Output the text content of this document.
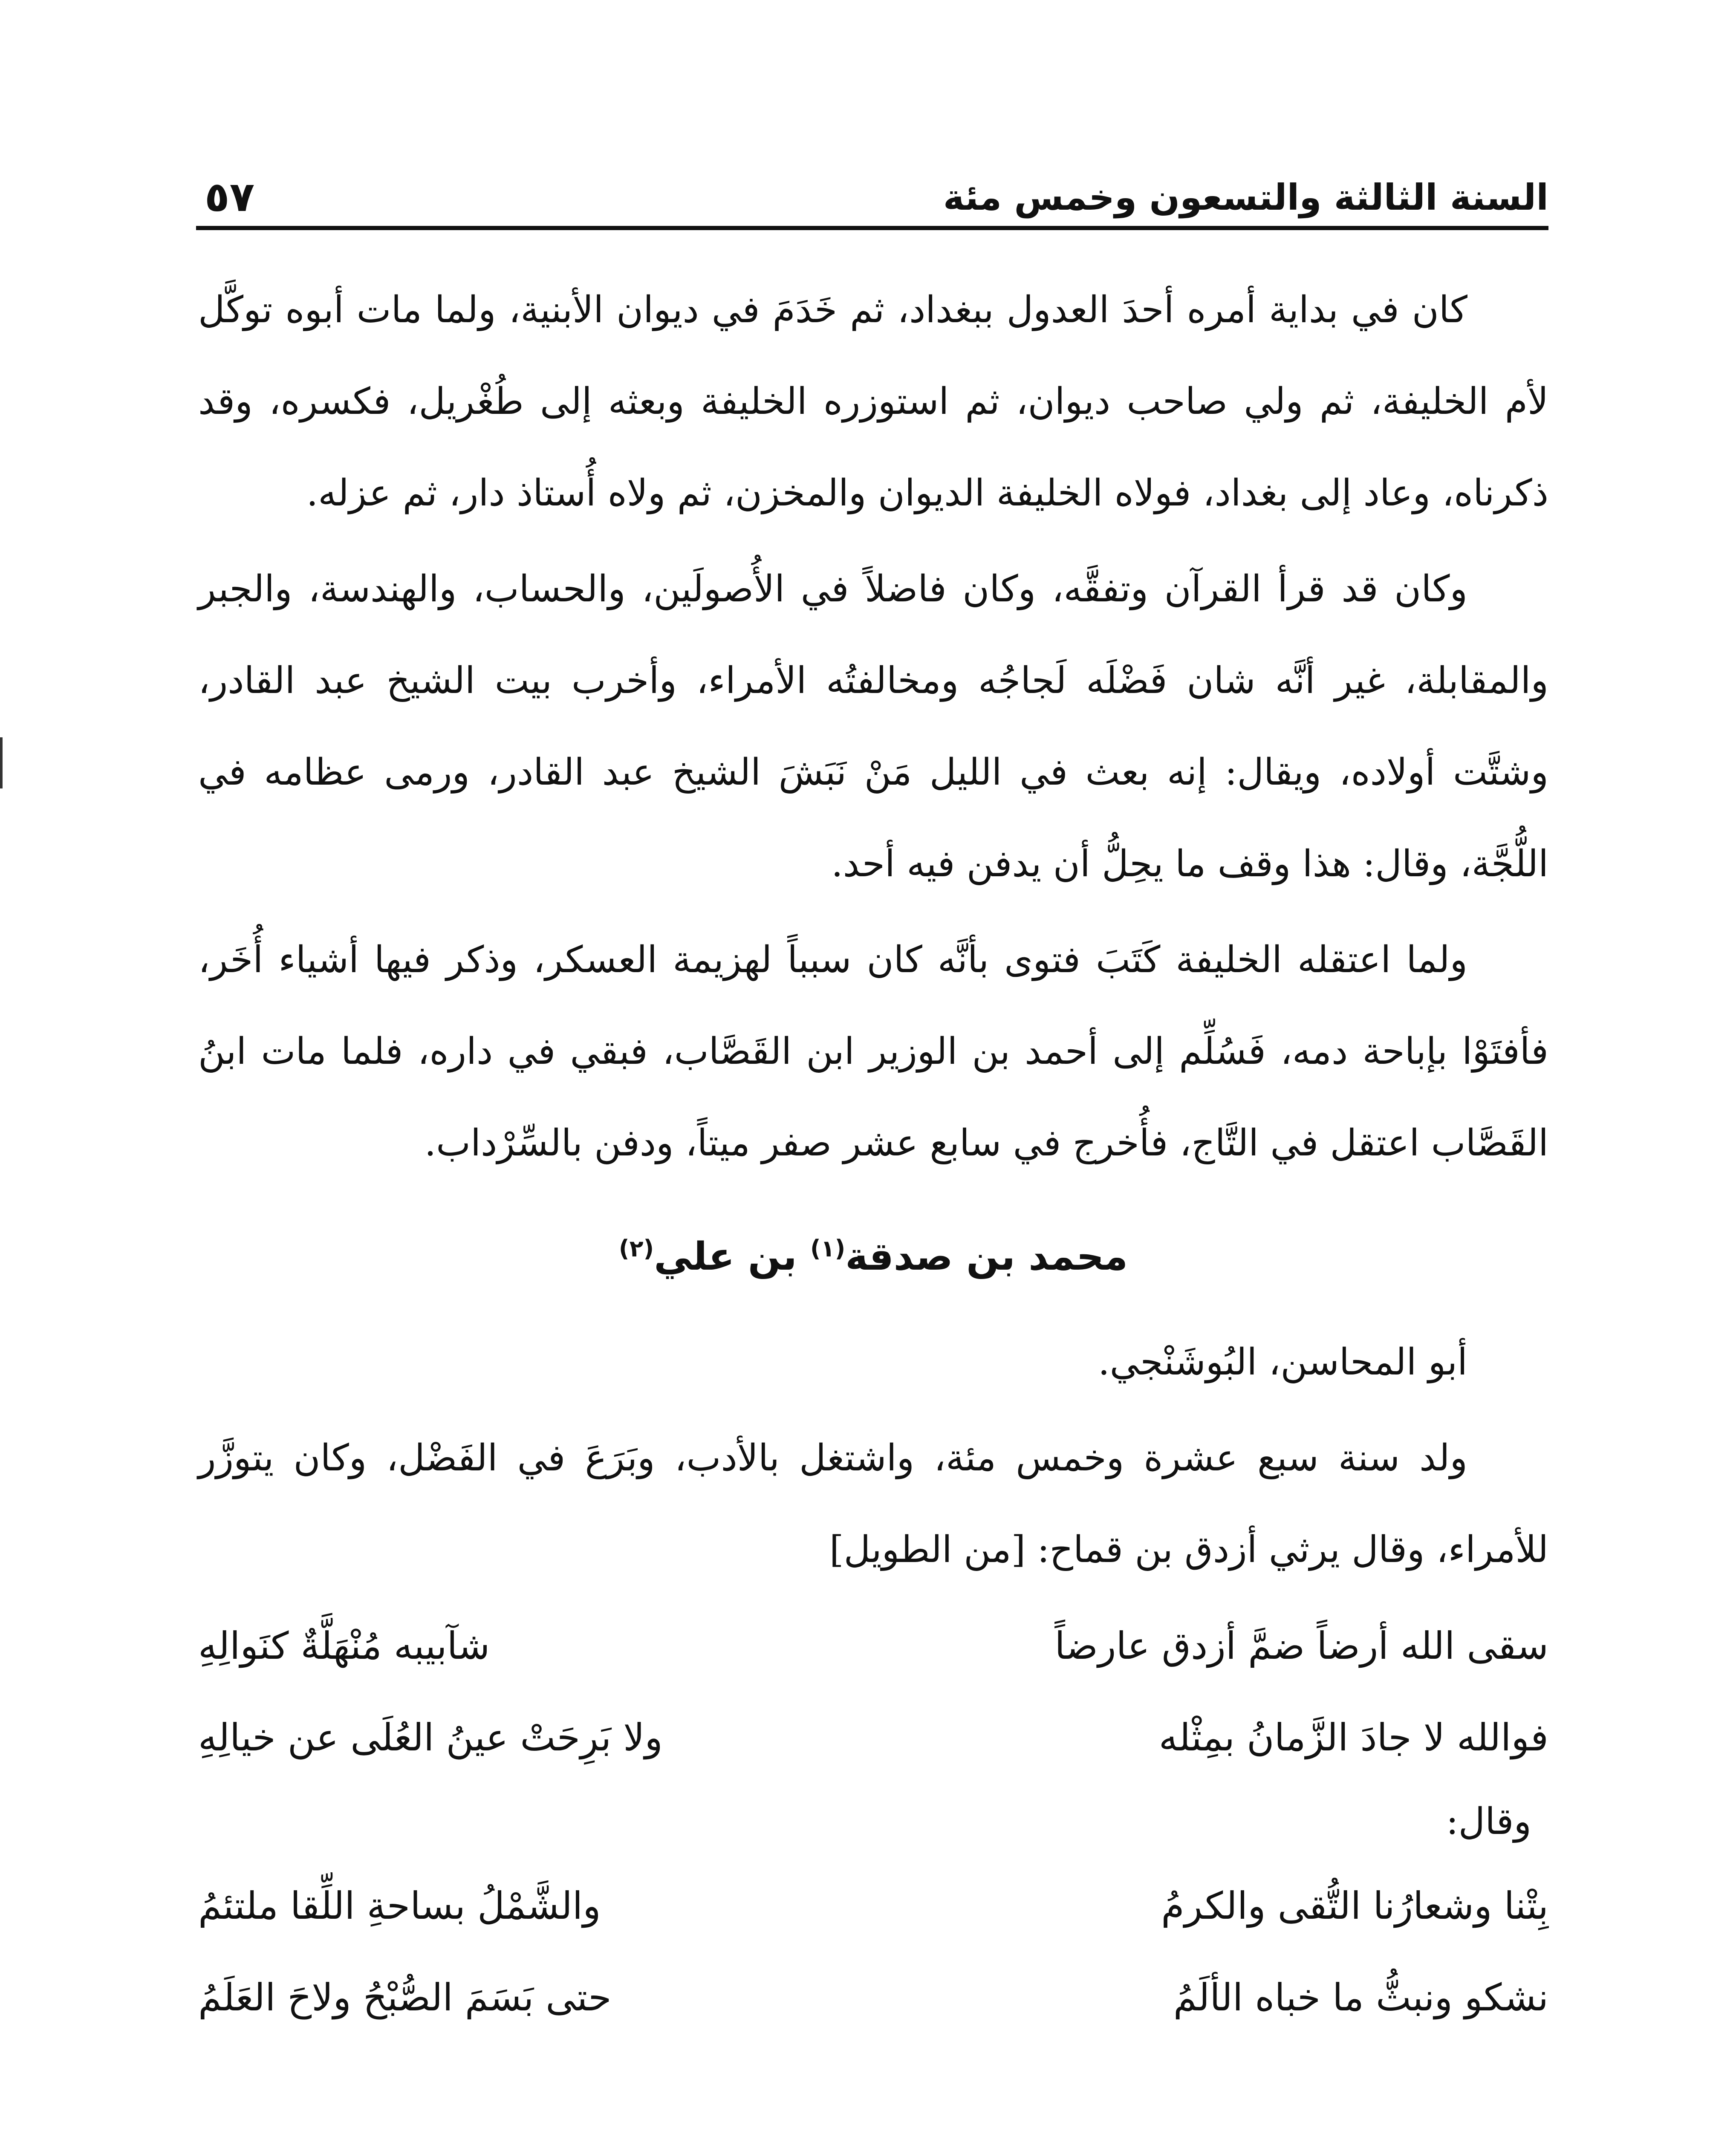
السنة الثالثة والتسعون وخمس مئة
٥٧

كان في بداية أمره أحدَ العدول ببغداد، ثم خَدَمَ في ديوان الأبنية، ولما مات أبوه توكَّل لأم الخليفة، ثم ولي صاحب ديوان، ثم استوزره الخليفة وبعثه إلى طُغْريل، فكسره، وقد ذكرناه، وعاد إلى بغداد، فولاه الخليفة الديوان والمخزن، ثم ولاه أُستاذ دار، ثم عزله.

وكان قد قرأ القرآن وتفقَّه، وكان فاضلاً في الأُصولَين، والحساب، والهندسة، والجبر والمقابلة، غير أنَّه شان فَضْلَه لَجاجُه ومخالفتُه الأمراء، وأخرب بيت الشيخ عبد القادر، وشتَّت أولاده، ويقال: إنه بعث في الليل مَنْ نَبَشَ الشيخ عبد القادر، ورمى عظامه في اللُّجَّة، وقال: هذا وقف ما يحِلُّ أن يدفن فيه أحد.

ولما اعتقله الخليفة كَتَبَ فتوى بأنَّه كان سبباً لهزيمة العسكر، وذكر فيها أشياء أُخَر، فأفتَوْا بإباحة دمه، فَسُلِّم إلى أحمد بن الوزير ابن القَصَّاب، فبقي في داره، فلما مات ابنُ القَصَّاب اعتقل في التَّاج، فأُخرج في سابع عشر صفر ميتاً، ودفن بالسِّرْداب.

محمد بن صدقة$^{(١)}$ بن علي$^{(٢)}$

أبو المحاسن، البُوشَنْجي.

ولد سنة سبع عشرة وخمس مئة، واشتغل بالأدب، وبَرَعَ في الفَضْل، وكان يتوزَّر للأمراء، وقال يرثي أزدق بن قماح: [من الطويل]

سقى الله أرضاً ضمَّ أزدق عارضاً
شآبيبه مُنْهَلَّةٌ كنَوالِهِ
فوالله لا جادَ الزَّمانُ بمِثْله
ولا بَرِحَتْ عينُ العُلَى عن خيالِهِ
وقال:
بِتْنا وشعارُنا التُّقى والكرمُ
والشَّمْلُ بساحةِ اللِّقا ملتئمُ
نشكو ونبثُّ ما خباه الألَمُ
حتى بَسَمَ الصُّبْحُ ولاحَ العَلَمُ
